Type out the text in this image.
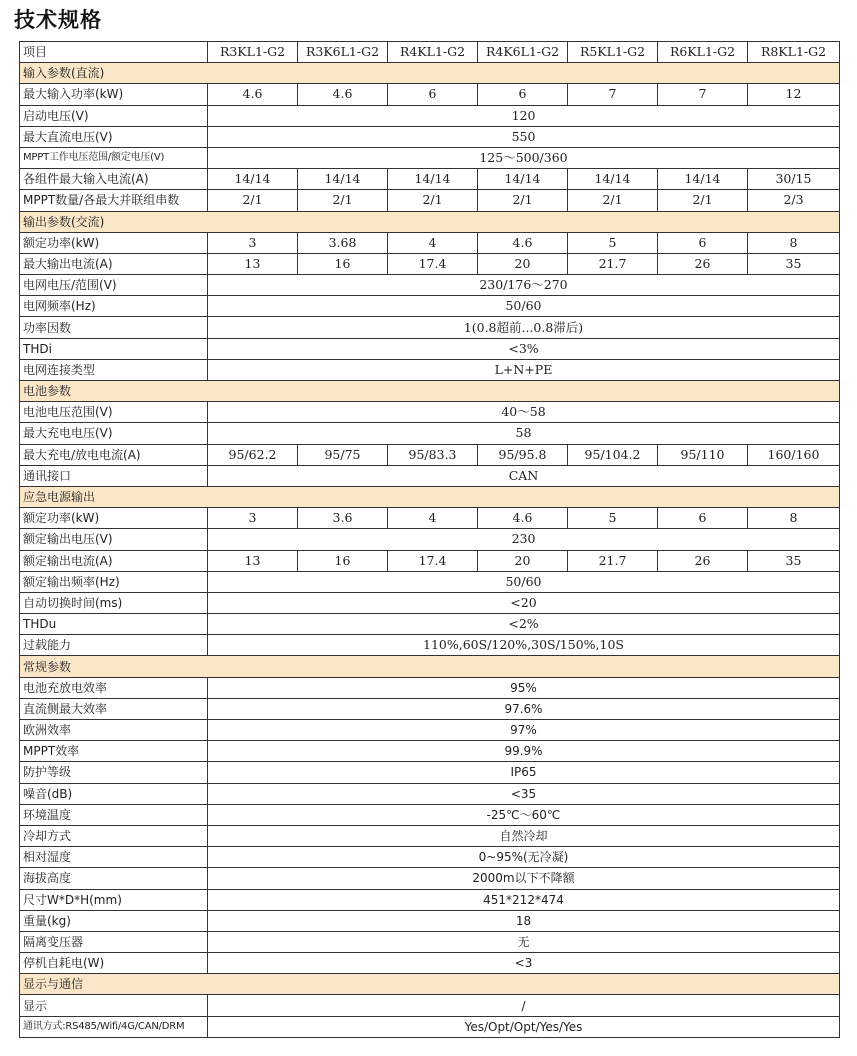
技术规格
项目	R3KL1-G2	R3K6L1-G2	R4KL1-G2	R4K6L1-G2	R5KL1-G2	R6KL1-G2	R8KL1-G2
输入参数(直流)							
最大输入功率(kW)	4.6	4.6	6	6	7	7	12
启动电压(V)	120						
最大直流电压(V)	550						
MPPT工作电压范围/额定电压(V)	125～500/360						
各组件最大输入电流(A)	14/14	14/14	14/14	14/14	14/14	14/14	30/15
MPPT数量/各最大并联组串数	2/1	2/1	2/1	2/1	2/1	2/1	2/3
输出参数(交流)							
额定功率(kW)	3	3.68	4	4.6	5	6	8
最大输出电流(A)	13	16	17.4	20	21.7	26	35
电网电压/范围(V)	230/176～270						
电网频率(Hz)	50/60						
功率因数	1(0.8超前...0.8滞后)						
THDi	<3%						
电网连接类型	L+N+PE						
电池参数							
电池电压范围(V)	40～58						
最大充电电压(V)	58						
最大充电/放电电流(A)	95/62.2	95/75	95/83.3	95/95.8	95/104.2	95/110	160/160
通讯接口	CAN						
应急电源输出							
额定功率(kW)	3	3.6	4	4.6	5	6	8
额定输出电压(V)	230						
额定输出电流(A)	13	16	17.4	20	21.7	26	35
额定输出频率(Hz)	50/60						
自动切换时间(ms)	<20						
THDu	<2%						
过载能力	110%,60S/120%,30S/150%,10S						
常规参数							
电池充放电效率	95%						
直流侧最大效率	97.6%						
欧洲效率	97%						
MPPT效率	99.9%						
防护等级	IP65						
噪音(dB)	<35						
环境温度	-25℃～60℃						
冷却方式	自然冷却						
相对湿度	0~95%(无冷凝)						
海拔高度	2000m以下不降额						
尺寸W*D*H(mm)	451*212*474						
重量(kg)	18						
隔离变压器	无						
停机自耗电(W)	<3						
显示与通信							
显示	/						
通讯方式:RS485/Wifi/4G/CAN/DRM	Yes/Opt/Opt/Yes/Yes						
